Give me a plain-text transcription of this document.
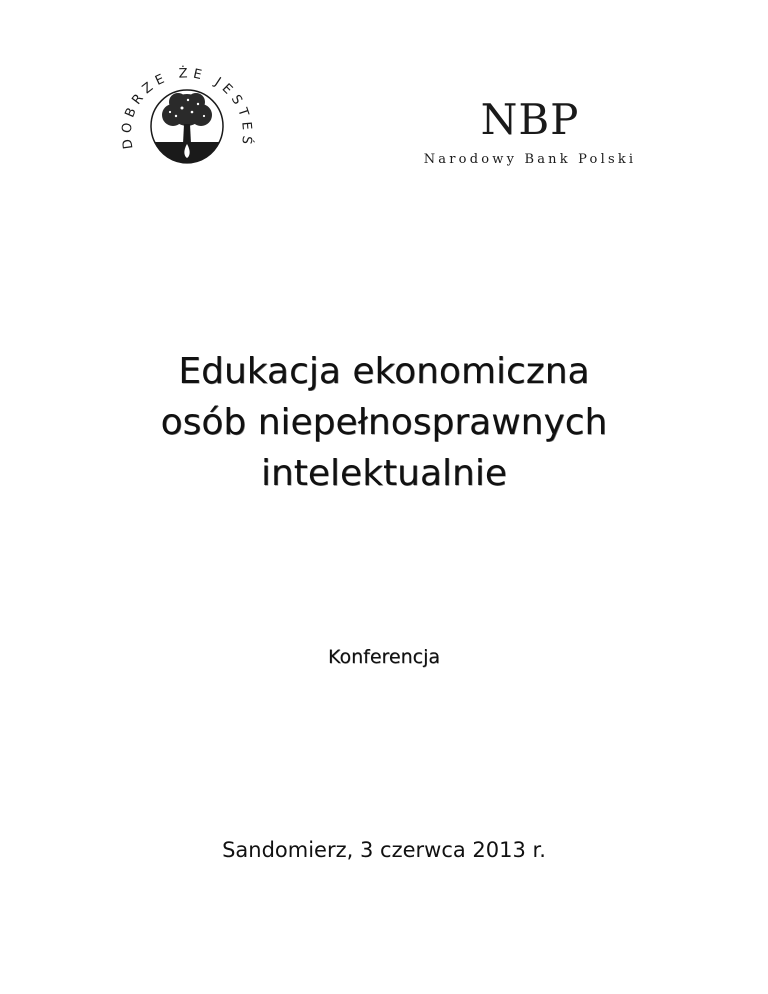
DOBRZE ŻE JESTEŚ	NBP
Narodowy Bank Polski
Edukacja ekonomiczna
osób niepełnosprawnych
intelektualnie
Konferencja
Sandomierz, 3 czerwca 2013 r.
